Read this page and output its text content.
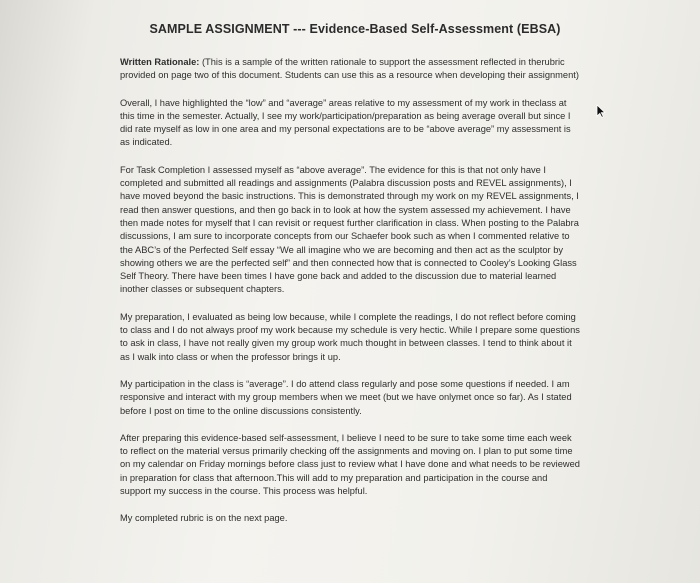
SAMPLE ASSIGNMENT --- Evidence-Based Self-Assessment (EBSA)

Written Rationale: (This is a sample of the written rationale to support the assessment reflected in therubric provided on page two of this document. Students can use this as a resource when developing their assignment)

Overall, I have highlighted the “low” and “average” areas relative to my assessment of my work in theclass at this time in the semester. Actually, I see my work/participation/preparation as being average overall but since I did rate myself as low in one area and my personal expectations are to be “above average” my assessment is as indicated.

For Task Completion I assessed myself as “above average”. The evidence for this is that not only have I completed and submitted all readings and assignments (Palabra discussion posts and REVEL assignments), I have moved beyond the basic instructions. This is demonstrated through my work on my REVEL assignments, I read then answer questions, and then go back in to look at how the system assessed my achievement. I have then made notes for myself that I can revisit or request further clarification in class. When posting to the Palabra discussions, I am sure to incorporate concepts from our Schaefer book such as when I commented relative to the ABC’s of the Perfected Self essay “We all imagine who we are becoming and then act as the sculptor by showing others we are the perfected self” and then connected how that is connected to Cooley’s Looking Glass Self Theory. There have been times I have gone back and added to the discussion due to material learned inother classes or subsequent chapters.

My preparation, I evaluated as being low because, while I complete the readings, I do not reflect before coming to class and I do not always proof my work because my schedule is very hectic. While I prepare some questions to ask in class, I have not really given my group work much thought in between classes. I tend to think about it as I walk into class or when the professor brings it up.

My participation in the class is “average”. I do attend class regularly and pose some questions if needed. I am responsive and interact with my group members when we meet (but we have onlymet once so far). As I stated before I post on time to the online discussions consistently.

After preparing this evidence-based self-assessment, I believe I need to be sure to take some time each week to reflect on the material versus primarily checking off the assignments and moving on. I plan to put some time on my calendar on Friday mornings before class just to review what I have done and what needs to be reviewed in preparation for class that afternoon.This will add to my preparation and participation in the course and support my success in the course. This process was helpful.

My completed rubric is on the next page.
